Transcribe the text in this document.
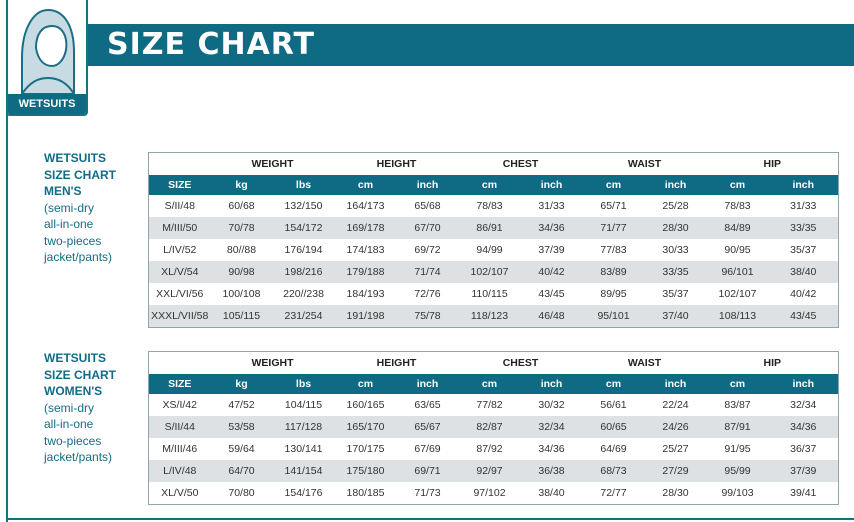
SIZE CHART
WETSUITS
WETSUITS
SIZE CHART
MEN'S
(semi-dry
all-in-one
two-pieces
jacket/pants)
WETSUITS
SIZE CHART
WOMEN'S
(semi-dry
all-in-one
two-pieces
jacket/pants)
	WEIGHT		HEIGHT		CHEST		WAIST		HIP	
SIZE	kg	lbs	cm	inch	cm	inch	cm	inch	cm	inch
S/II/48	60/68	132/150	164/173	65/68	78/83	31/33	65/71	25/28	78/83	31/33
M/III/50	70/78	154/172	169/178	67/70	86/91	34/36	71/77	28/30	84/89	33/35
L/IV/52	80//88	176/194	174/183	69/72	94/99	37/39	77/83	30/33	90/95	35/37
XL/V/54	90/98	198/216	179/188	71/74	102/107	40/42	83/89	33/35	96/101	38/40
XXL/VI/56	100/108	220//238	184/193	72/76	110/115	43/45	89/95	35/37	102/107	40/42
XXXL/VII/58	105/115	231/254	191/198	75/78	118/123	46/48	95/101	37/40	108/113	43/45
	WEIGHT		HEIGHT		CHEST		WAIST		HIP	
SIZE	kg	lbs	cm	inch	cm	inch	cm	inch	cm	inch
XS/I/42	47/52	104/115	160/165	63/65	77/82	30/32	56/61	22/24	83/87	32/34
S/II/44	53/58	117/128	165/170	65/67	82/87	32/34	60/65	24/26	87/91	34/36
M/III/46	59/64	130/141	170/175	67/69	87/92	34/36	64/69	25/27	91/95	36/37
L/IV/48	64/70	141/154	175/180	69/71	92/97	36/38	68/73	27/29	95/99	37/39
XL/V/50	70/80	154/176	180/185	71/73	97/102	38/40	72/77	28/30	99/103	39/41
